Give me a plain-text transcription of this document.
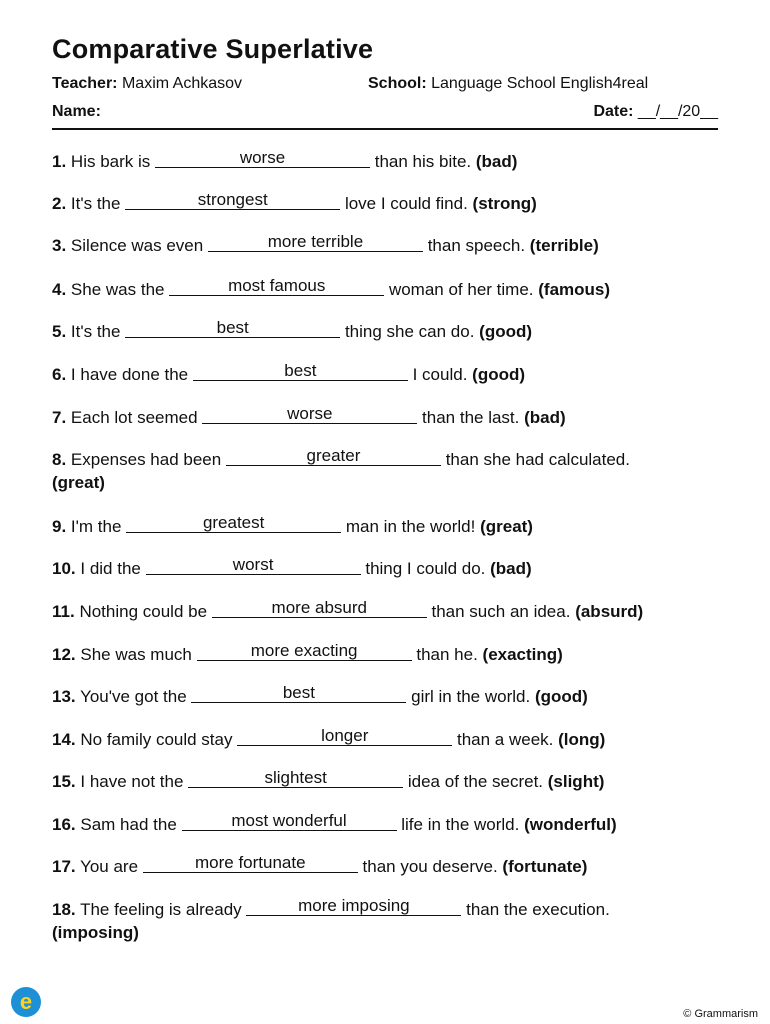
Comparative Superlative
Teacher: Maxim Achkasov	School: Language School English4real
Name:	Date: __/__/20__
1. His bark is	worse	than his bite. (bad)
2. It's the	strongest	love I could find. (strong)
3. Silence was even	more terrible	than speech. (terrible)
4. She was the	most famous	woman of her time. (famous)
5. It's the	best	thing she can do. (good)
6. I have done the	best	I could. (good)
7. Each lot seemed	worse	than the last. (bad)
8. Expenses had been	greater	than she had calculated.
(great)
9. I'm the	greatest	man in the world! (great)
10. I did the	worst	thing I could do. (bad)
11. Nothing could be	more absurd	than such an idea. (absurd)
12. She was much	more exacting	than he. (exacting)
13. You've got the	best	girl in the world. (good)
14. No family could stay	longer	than a week. (long)
15. I have not the	slightest	idea of the secret. (slight)
16. Sam had the	most wonderful	life in the world. (wonderful)
17. You are	more fortunate	than you deserve. (fortunate)
18. The feeling is already	more imposing	than the execution.
(imposing)
e	© Grammarism
